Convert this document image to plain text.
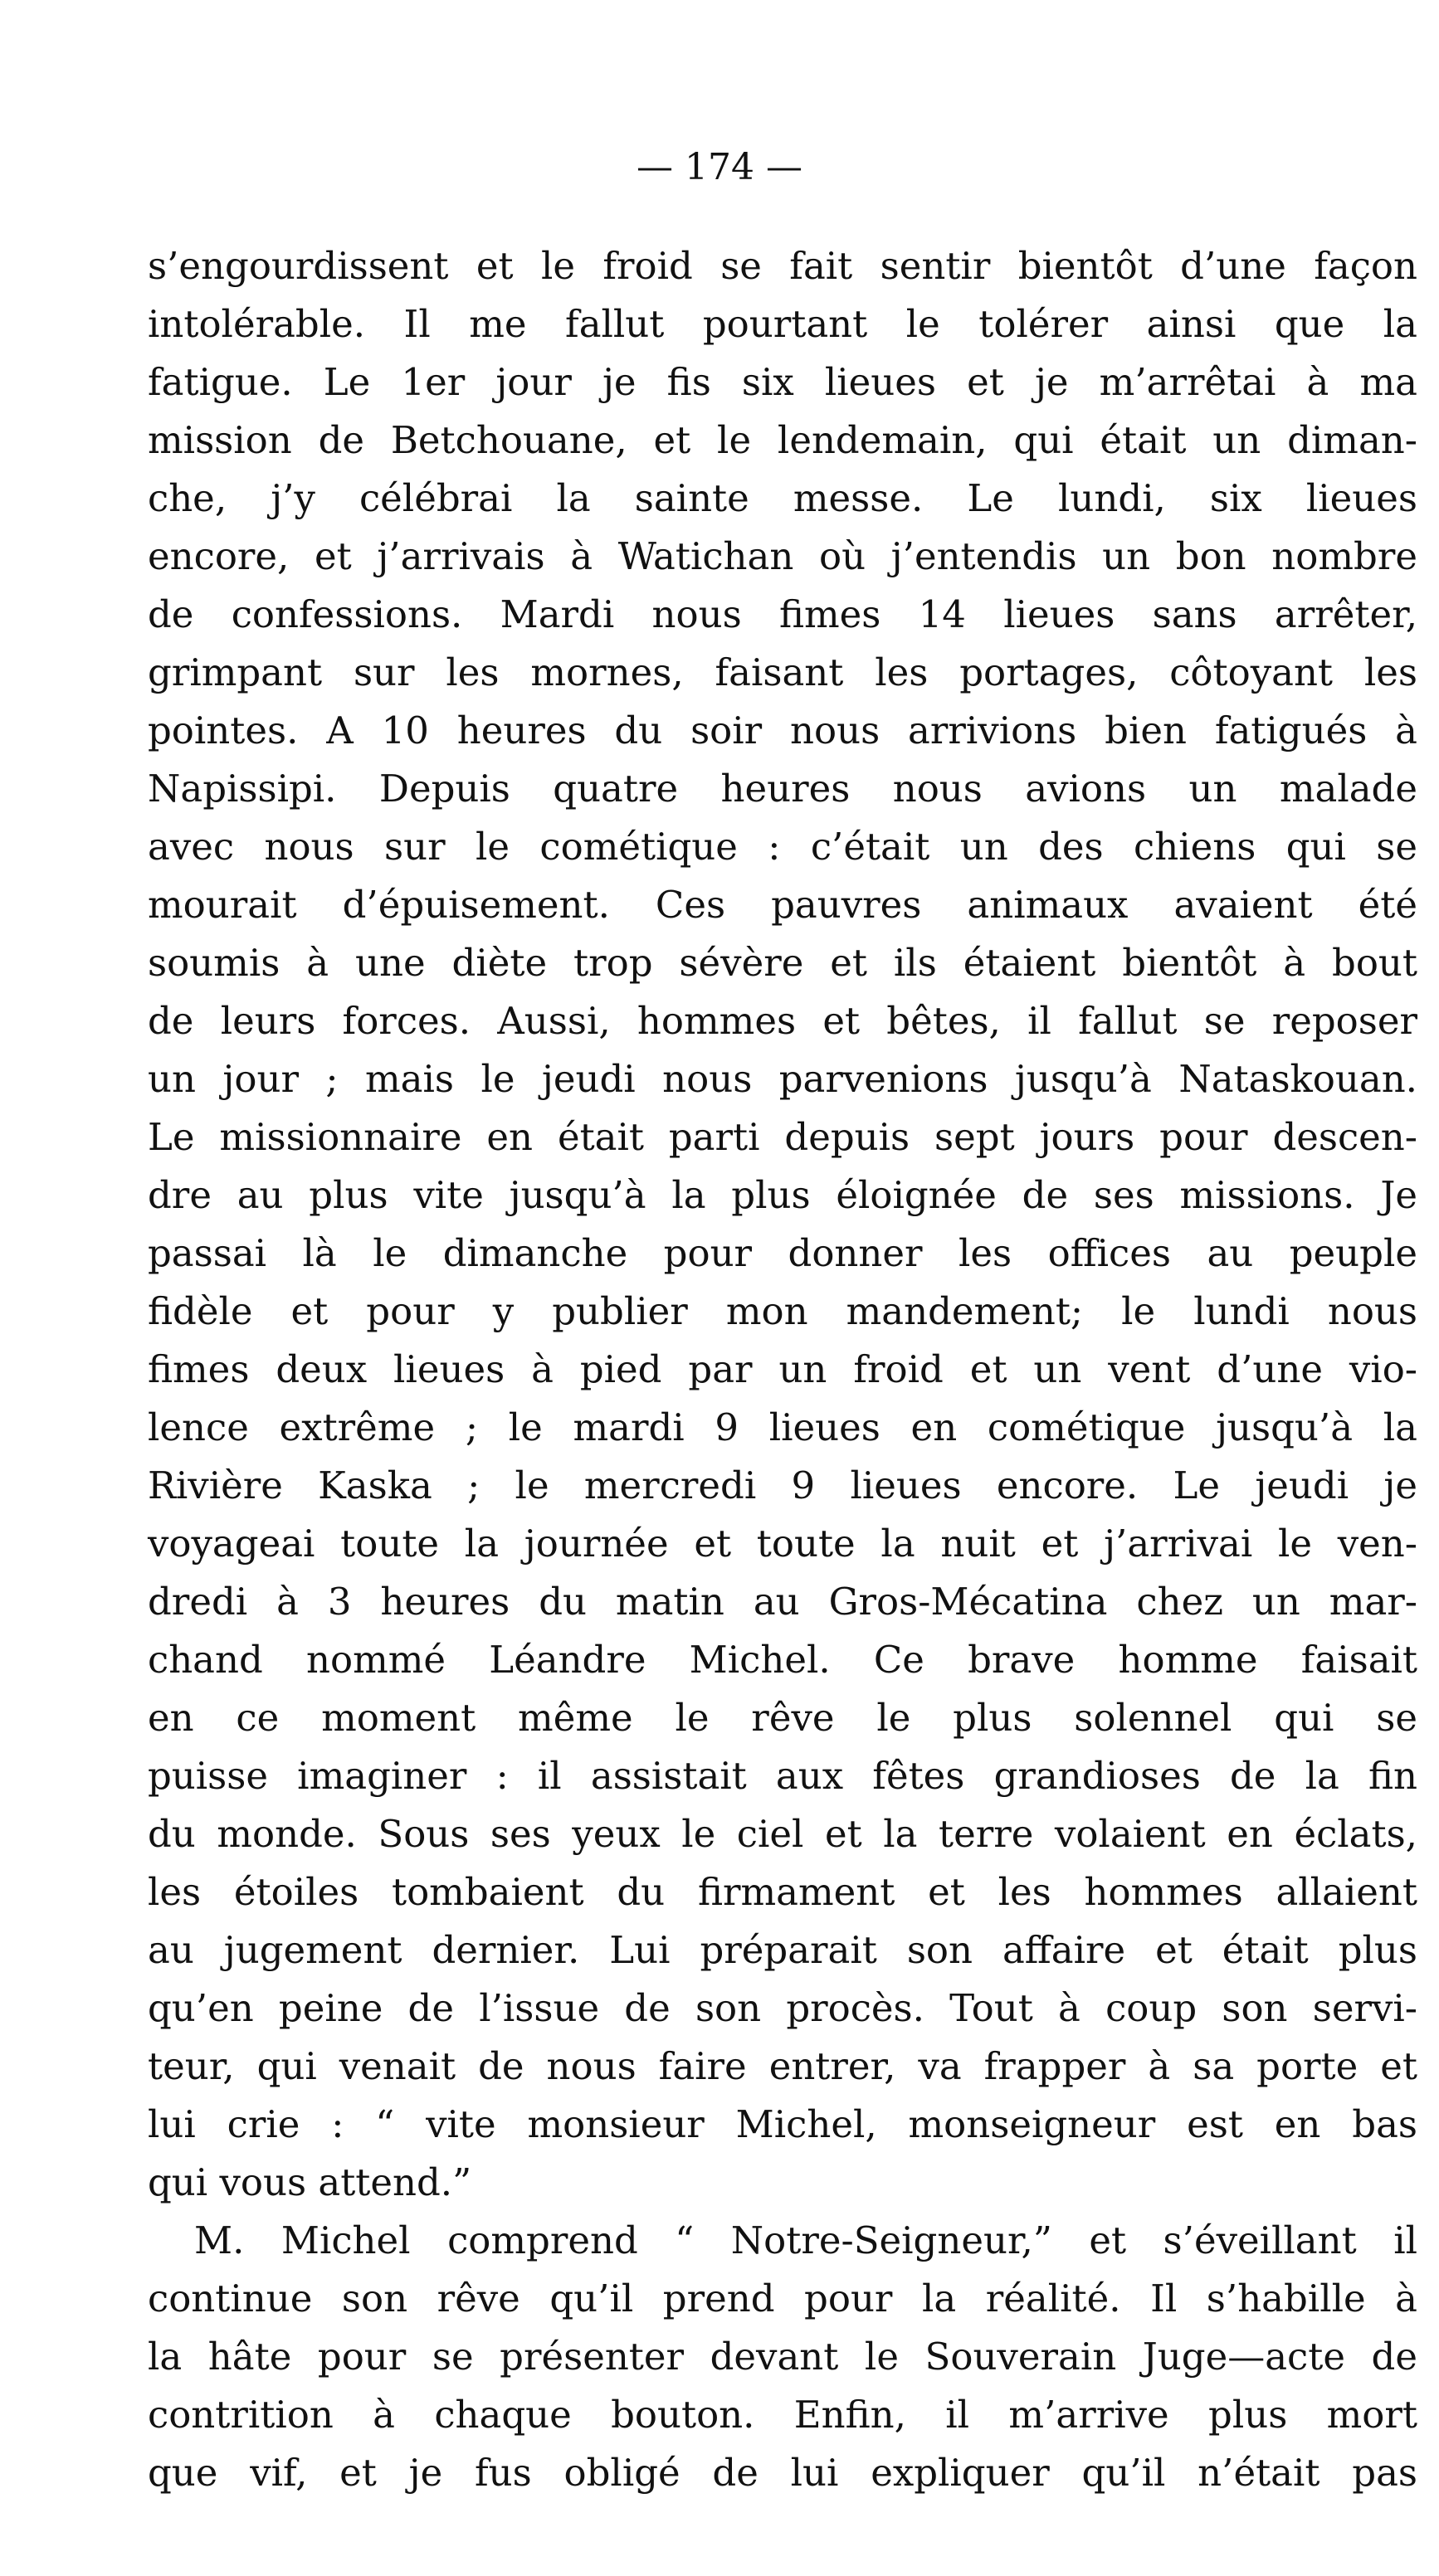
— 174 —
s’engourdissent et le froid se fait sentir bientôt d’une façon
intolérable. Il me fallut pourtant le tolérer ainsi que la
fatigue. Le 1er jour je fis six lieues et je m’arrêtai à ma
mission de Betchouane, et le lendemain, qui était un diman-
che, j’y célébrai la sainte messe. Le lundi, six lieues
encore, et j’arrivais à Watichan où j’entendis un bon nombre
de confessions. Mardi nous fimes 14 lieues sans arrêter,
grimpant sur les mornes, faisant les portages, côtoyant les
pointes. A 10 heures du soir nous arrivions bien fatigués à
Napissipi. Depuis quatre heures nous avions un malade
avec nous sur le cométique : c’était un des chiens qui se
mourait d’épuisement. Ces pauvres animaux avaient été
soumis à une diète trop sévère et ils étaient bientôt à bout
de leurs forces. Aussi, hommes et bêtes, il fallut se reposer
un jour ; mais le jeudi nous parvenions jusqu’à Nataskouan.
Le missionnaire en était parti depuis sept jours pour descen-
dre au plus vite jusqu’à la plus éloignée de ses missions. Je
passai là le dimanche pour donner les offices au peuple
fidèle et pour y publier mon mandement; le lundi nous
fimes deux lieues à pied par un froid et un vent d’une vio-
lence extrême ; le mardi 9 lieues en cométique jusqu’à la
Rivière Kaska ; le mercredi 9 lieues encore. Le jeudi je
voyageai toute la journée et toute la nuit et j’arrivai le ven-
dredi à 3 heures du matin au Gros-Mécatina chez un mar-
chand nommé Léandre Michel. Ce brave homme faisait
en ce moment même le rêve le plus solennel qui se
puisse imaginer : il assistait aux fêtes grandioses de la fin
du monde. Sous ses yeux le ciel et la terre volaient en éclats,
les étoiles tombaient du firmament et les hommes allaient
au jugement dernier. Lui préparait son affaire et était plus
qu’en peine de l’issue de son procès. Tout à coup son servi-
teur, qui venait de nous faire entrer, va frapper à sa porte et
lui crie : “ vite monsieur Michel, monseigneur est en bas
qui vous attend.”
M. Michel comprend “ Notre-Seigneur,” et s’éveillant il
continue son rêve qu’il prend pour la réalité. Il s’habille à
la hâte pour se présenter devant le Souverain Juge—acte de
contrition à chaque bouton. Enfin, il m’arrive plus mort
que vif, et je fus obligé de lui expliquer qu’il n’était pas
